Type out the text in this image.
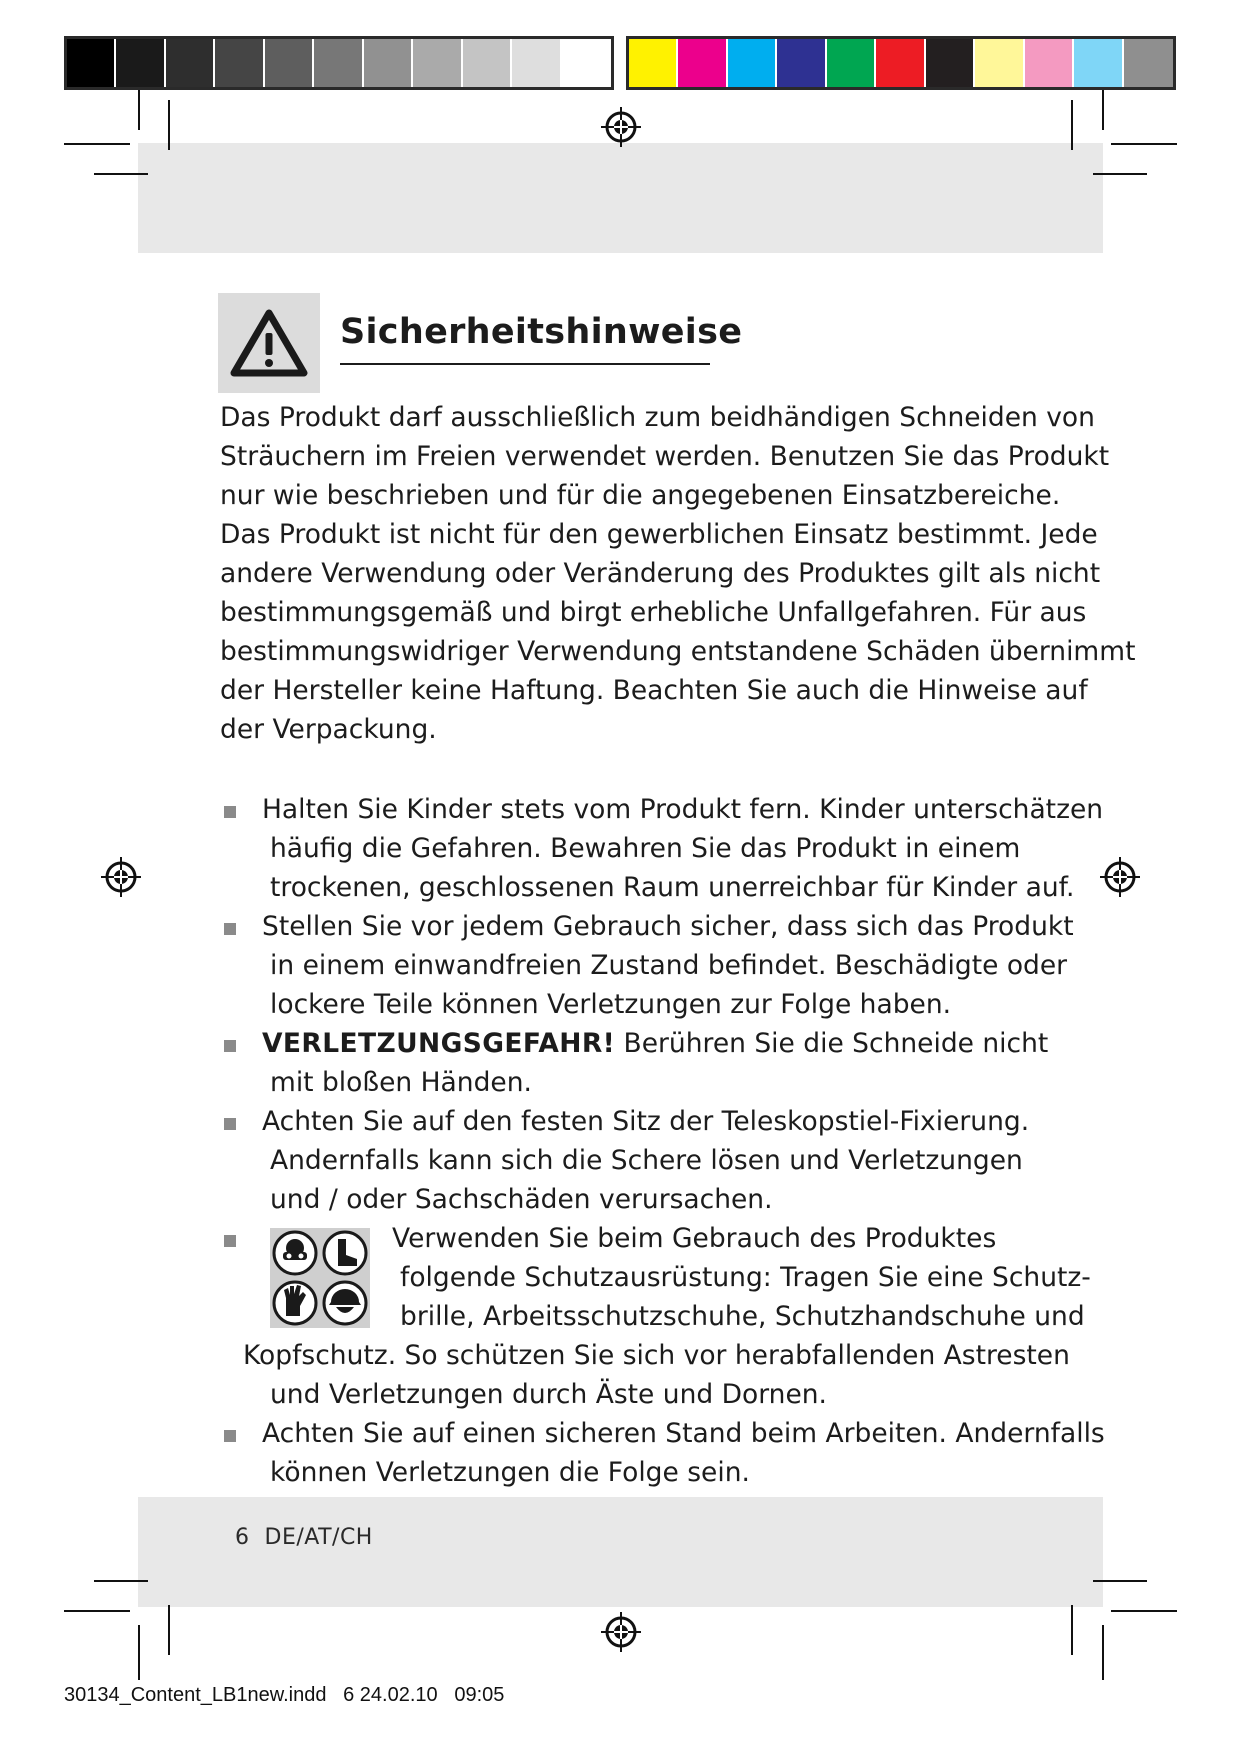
Sicherheitshinweise
Das Produkt darf ausschließlich zum beidhändigen Schneiden von
Sträuchern im Freien verwendet werden. Benutzen Sie das Produkt
nur wie beschrieben und für die angegebenen Einsatzbereiche.
Das Produkt ist nicht für den gewerblichen Einsatz bestimmt. Jede
andere Verwendung oder Veränderung des Produktes gilt als nicht
bestimmungsgemäß und birgt erhebliche Unfallgefahren. Für aus
bestimmungswidriger Verwendung entstandene Schäden übernimmt
der Hersteller keine Haftung. Beachten Sie auch die Hinweise auf
der Verpackung.
Halten Sie Kinder stets vom Produkt fern. Kinder unterschätzen
häufig die Gefahren. Bewahren Sie das Produkt in einem
trockenen, geschlossenen Raum unerreichbar für Kinder auf.
Stellen Sie vor jedem Gebrauch sicher, dass sich das Produkt
in einem einwandfreien Zustand befindet. Beschädigte oder
lockere Teile können Verletzungen zur Folge haben.
VERLETZUNGSGEFAHR! Berühren Sie die Schneide nicht
mit bloßen Händen.
Achten Sie auf den festen Sitz der Teleskopstiel-Fixierung.
Andernfalls kann sich die Schere lösen und Verletzungen
und / oder Sachschäden verursachen.
Verwenden Sie beim Gebrauch des Produktes
folgende Schutzausrüstung: Tragen Sie eine Schutz-
brille, Arbeitsschutzschuhe, Schutzhandschuhe und
Kopfschutz. So schützen Sie sich vor herabfallenden Astresten
und Verletzungen durch Äste und Dornen.
Achten Sie auf einen sicheren Stand beim Arbeiten. Andernfalls
können Verletzungen die Folge sein.
6 DE/AT/CH
30134_Content_LB1new.indd   6 24.02.10   09:05
